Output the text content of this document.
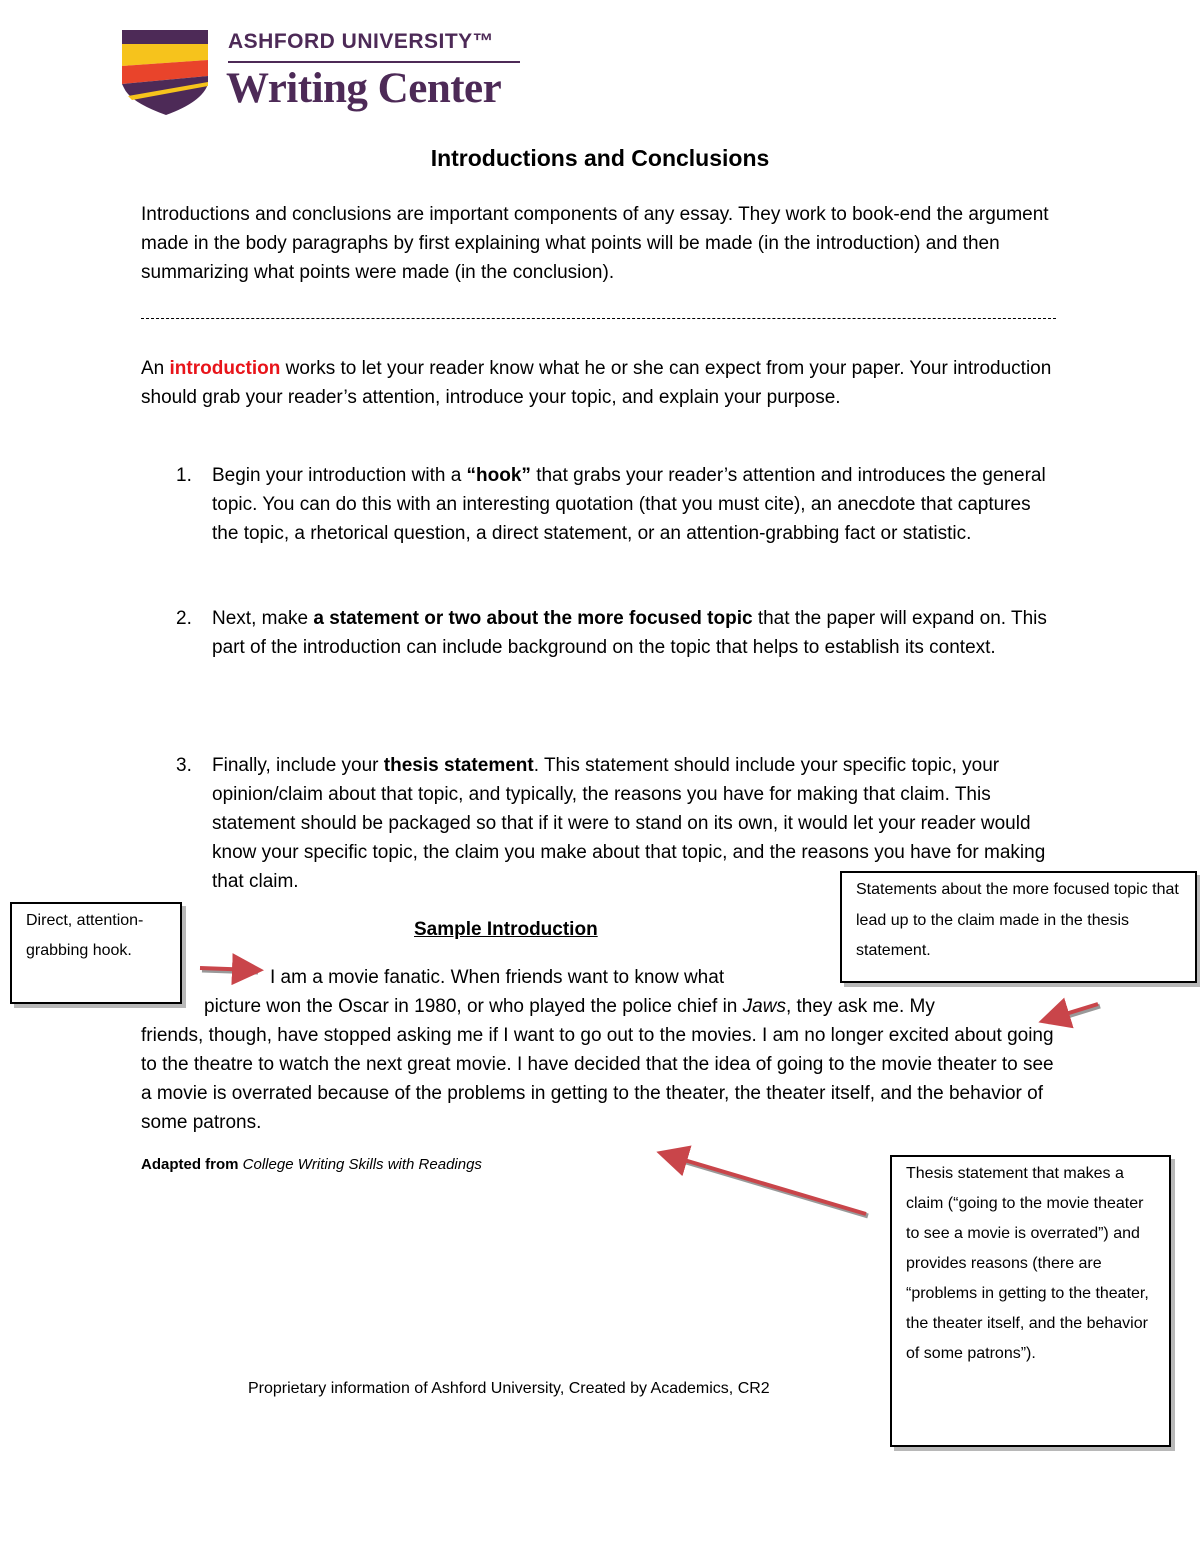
ASHFORD UNIVERSITY™
Writing Center
Introductions and Conclusions
Introductions and conclusions are important components of any essay. They work to book-end the argument made in the body paragraphs by first explaining what points will be made (in the introduction) and then summarizing what points were made (in the conclusion).
An introduction works to let your reader know what he or she can expect from your paper. Your introduction should grab your reader’s attention, introduce your topic, and explain your purpose.
1. Begin your introduction with a “hook” that grabs your reader’s attention and introduces the general topic. You can do this with an interesting quotation (that you must cite), an anecdote that captures the topic, a rhetorical question, a direct statement, or an attention-grabbing fact or statistic.
2. Next, make a statement or two about the more focused topic that the paper will expand on. This part of the introduction can include background on the topic that helps to establish its context.
3. Finally, include your thesis statement. This statement should include your specific topic, your opinion/claim about that topic, and typically, the reasons you have for making that claim. This statement should be packaged so that if it were to stand on its own, it would let your reader would know your specific topic, the claim you make about that topic, and the reasons you have for making that claim.
Sample Introduction
I am a movie fanatic. When friends want to know what
picture won the Oscar in 1980, or who played the police chief in Jaws, they ask me. My
friends, though, have stopped asking me if I want to go out to the movies. I am no longer excited about going to the theatre to watch the next great movie. I have decided that the idea of going to the movie theater to see a movie is overrated because of the problems in getting to the theater, the theater itself, and the behavior of some patrons.
Adapted from College Writing Skills with Readings
Proprietary information of Ashford University, Created by Academics, CR2
Direct, attention-grabbing hook.
Statements about the more focused topic that lead up to the claim made in the thesis statement.
Thesis statement that makes a claim (“going to the movie theater to see a movie is overrated”) and provides reasons (there are “problems in getting to the theater, the theater itself, and the behavior of some patrons”).
